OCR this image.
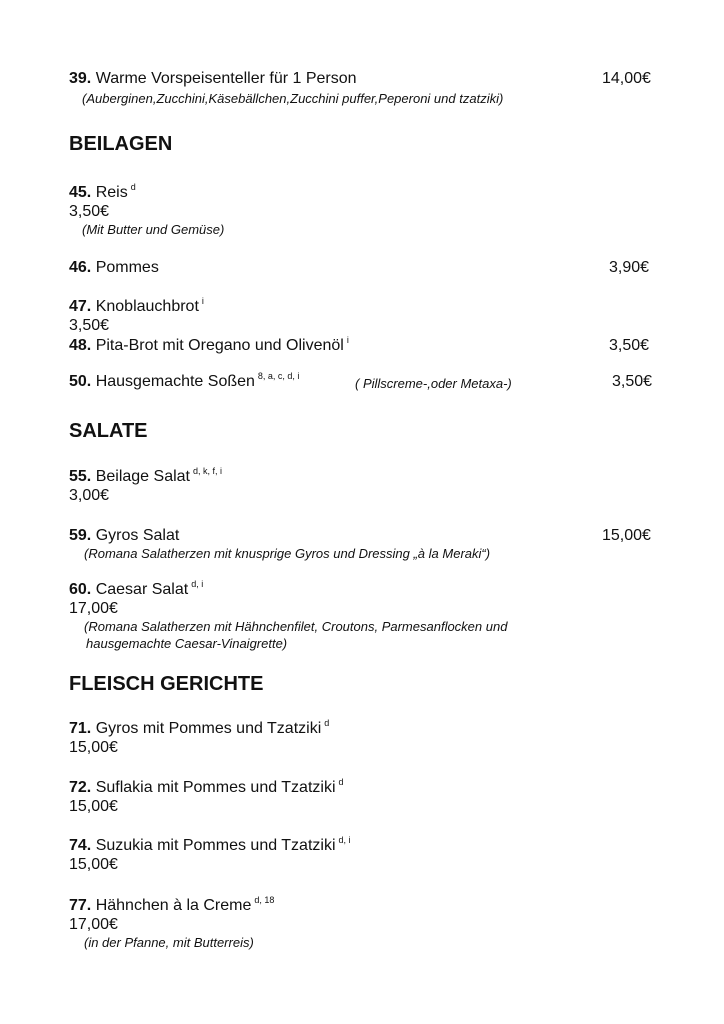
39. Warme Vorspeisenteller für 1 Person	14,00€
(Auberginen,Zucchini,Käsebällchen,Zucchini puffer,Peperoni und tzatziki)
BEILAGEN
45. Reis $^d$
3,50€
(Mit Butter und Gemüse)
46. Pommes	3,90€
47. Knoblauchbrot $^i$
3,50€
48. Pita-Brot mit Oregano und Olivenöl $^i$	3,50€
50. Hausgemachte Soßen $^{8, a, c, d, i}$	( Pillscreme-,oder Metaxa-)	3,50€
SALATE
55. Beilage Salat $^{d, k, f, i}$
3,00€
59. Gyros Salat	15,00€
(Romana Salatherzen mit knusprige Gyros und Dressing „à la Meraki“)
60. Caesar Salat $^{d, i}$
17,00€
(Romana Salatherzen mit Hähnchenfilet, Croutons, Parmesanflocken und
hausgemachte Caesar-Vinaigrette)
FLEISCH GERICHTE
71. Gyros mit Pommes und Tzatziki $^d$
15,00€
72. Suflakia mit Pommes und Tzatziki $^d$
15,00€
74. Suzukia mit Pommes und Tzatziki $^{d, i}$
15,00€
77. Hähnchen à la Creme $^{d, 18}$
17,00€
(in der Pfanne, mit Butterreis)
